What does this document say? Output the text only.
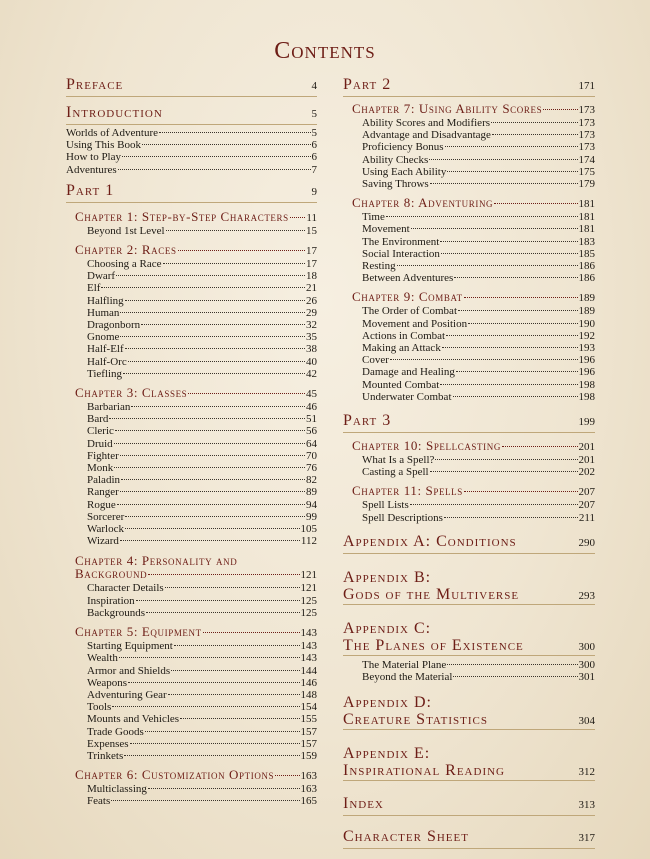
Contents
Preface	4
Introduction	5
Worlds of Adventure	5
Using This Book	6
How to Play	6
Adventures	7
Part 1	9
Chapter 1: Step-by-Step Characters 11
Beyond 1st Level	15
Chapter 2: Races	17
Choosing a Race	17
Dwarf	18
Elf	21
Halfling	26
Human	29
Dragonborn	32
Gnome	35
Half-Elf	38
Half-Orc	40
Tiefling	42
Chapter 3: Classes	45
Barbarian	46
Bard	51
Cleric	56
Druid	64
Fighter	70
Monk	76
Paladin	82
Ranger	89
Rogue	94
Sorcerer	99
Warlock	105
Wizard	112
Chapter 4: Personality and
Background	121
Character Details	121
Inspiration	125
Backgrounds	125
Chapter 5: Equipment	143
Starting Equipment	143
Wealth	143
Armor and Shields	144
Weapons	146
Adventuring Gear	148
Tools	154
Mounts and Vehicles	155
Trade Goods	157
Expenses	157
Trinkets	159
Chapter 6: Customization Options 163
Multiclassing	163
Feats	165
Part 2	171
Chapter 7: Using Ability Scores	173
Ability Scores and Modifiers	173
Advantage and Disadvantage	173
Proficiency Bonus	173
Ability Checks	174
Using Each Ability	175
Saving Throws	179
Chapter 8: Adventuring	181
Time	181
Movement	181
The Environment	183
Social Interaction	185
Resting	186
Between Adventures	186
Chapter 9: Combat	189
The Order of Combat	189
Movement and Position	190
Actions in Combat	192
Making an Attack	193
Cover	196
Damage and Healing	196
Mounted Combat	198
Underwater Combat	198
Part 3	199
Chapter 10: Spellcasting	201
What Is a Spell?	201
Casting a Spell	202
Chapter 11: Spells	207
Spell Lists	207
Spell Descriptions	211
Appendix A: Conditions	290
Appendix B:
Gods of the Multiverse	293
Appendix C:
The Planes of Existence	300
The Material Plane	300
Beyond the Material	301
Appendix D:
Creature Statistics	304
Appendix E:
Inspirational Reading	312
Index	313
Character Sheet	317
